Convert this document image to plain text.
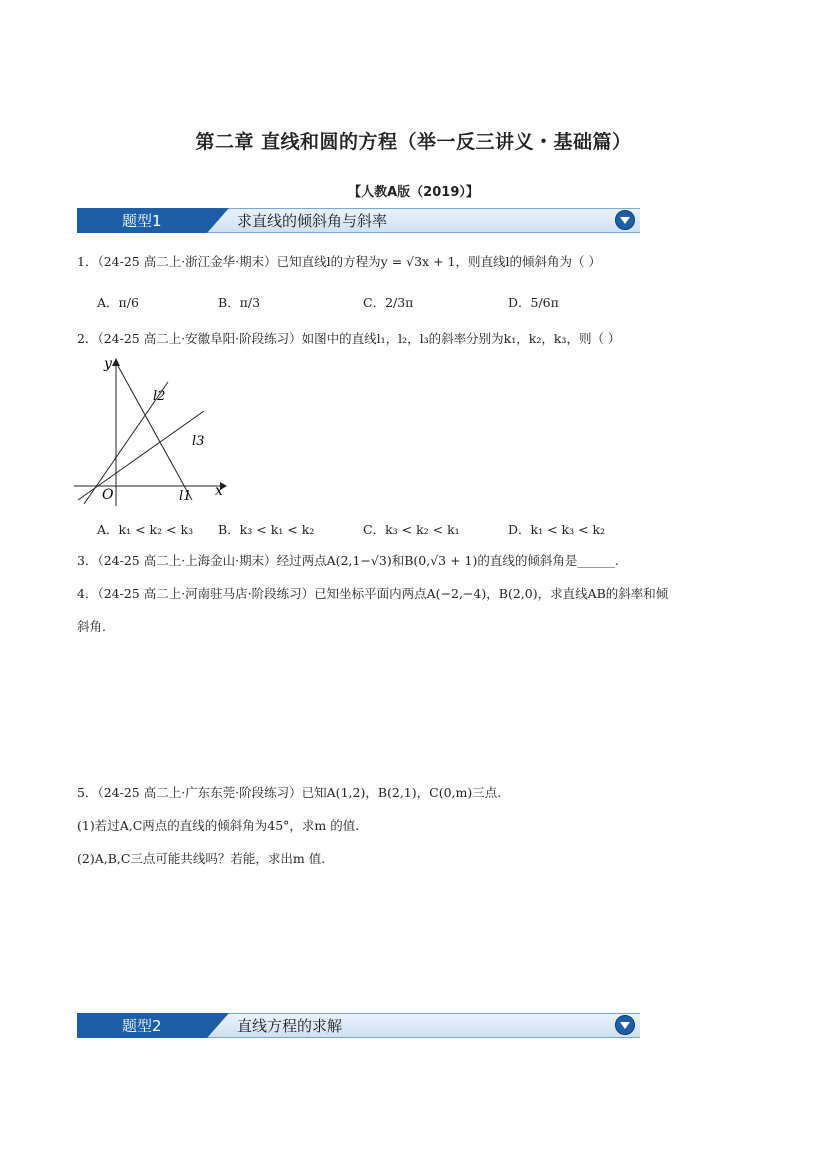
第二章 直线和圆的方程（举一反三讲义・基础篇）
【人教A版（2019）】
题型1	求直线的倾斜角与斜率
1．（24-25 高二上·浙江金华·期末）已知直线l的方程为y = √3x + 1，则直线l的倾斜角为（ ）
A．π/6	B．π/3	C．2/3π	D．5/6π
2．（24-25 高二上·安徽阜阳·阶段练习）如图中的直线l₁，l₂，l₃的斜率分别为k₁，k₂，k₃，则（ ）
y
x
O
l2
l3
l1
A．k₁ < k₂ < k₃ B．k₃ < k₁ < k₂	C．k₃ < k₂ < k₁	D．k₁ < k₃ < k₂
3．（24-25 高二上·上海金山·期末）经过两点A(2,1−√3)和B(0,√3 + 1)的直线的倾斜角是______.
4．（24-25 高二上·河南驻马店·阶段练习）已知坐标平面内两点A(−2,−4)，B(2,0)，求直线AB的斜率和倾
斜角.
5．（24-25 高二上·广东东莞·阶段练习）已知A(1,2)，B(2,1)，C(0,m)三点.
(1)若过A,C两点的直线的倾斜角为45°，求m 的值.
(2)A,B,C三点可能共线吗？若能，求出m 值.
题型2	直线方程的求解
